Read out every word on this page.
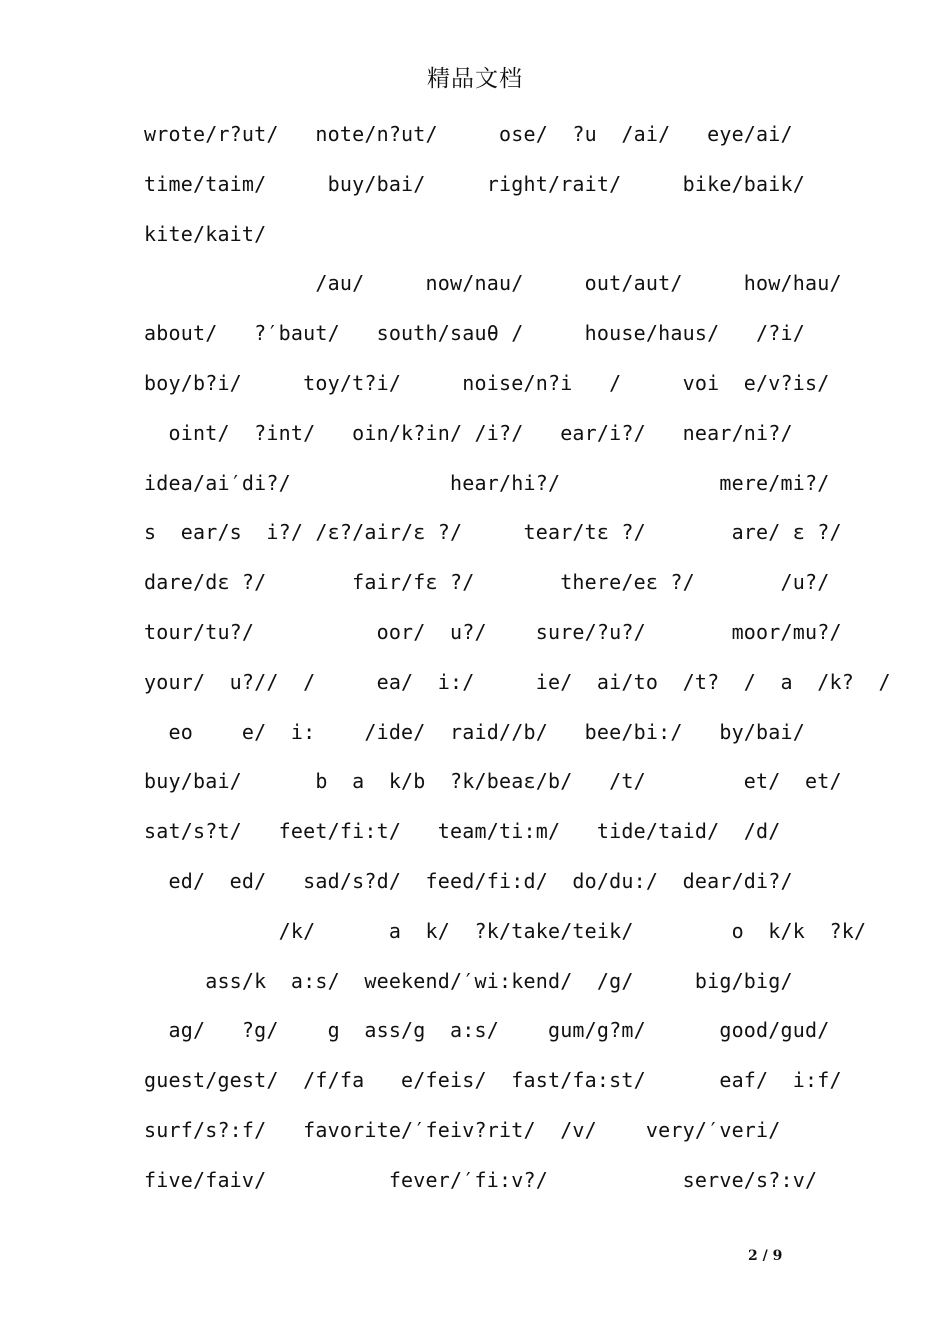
精品文档
wrote/r?ut/   note/n?ut/     ose/  ?u  /ai/   eye/ai/
time/taim/     buy/bai/     right/rait/     bike/baik/
kite/kait/
/au/     now/nau/     out/aut/     how/hau/
about/   ?′baut/   south/sauθ /     house/haus/   /?i/
boy/b?i/     toy/t?i/     noise/n?i   /     voi  e/v?is/
oint/  ?int/   oin/k?in/ /i?/   ear/i?/   near/ni?/
idea/ai′di?/             hear/hi?/             mere/mi?/
s  ear/s  i?/ /ɛ?/air/ɛ ?/     tear/tɛ ?/       are/ ɛ ?/
dare/dɛ ?/       fair/fɛ ?/       there/eɛ ?/       /u?/
tour/tu?/          oor/  u?/    sure/?u?/       moor/mu?/
your/  u?//  /     ea/  i:/     ie/  ai/to  /t?  /  a  /k?  /
eo    e/  i:    /ide/  raid//b/   bee/bi:/   by/bai/
buy/bai/      b  a  k/b  ?k/beaɛ/b/   /t/        et/  et/
sat/s?t/   feet/fi:t/   team/ti:m/   tide/taid/  /d/
ed/  ed/   sad/s?d/  feed/fi:d/  do/du:/  dear/di?/
/k/      a  k/  ?k/take/teik/        o  k/k  ?k/
ass/k  a:s/  weekend/′wi:kend/  /g/     big/big/
ag/   ?g/    g  ass/g  a:s/    gum/g?m/      good/gud/
guest/gest/  /f/fa   e/feis/  fast/fa:st/      eaf/  i:f/
surf/s?:f/   favorite/′feiv?rit/  /v/    very/′veri/
five/faiv/          fever/′fi:v?/           serve/s?:v/
2 / 9
